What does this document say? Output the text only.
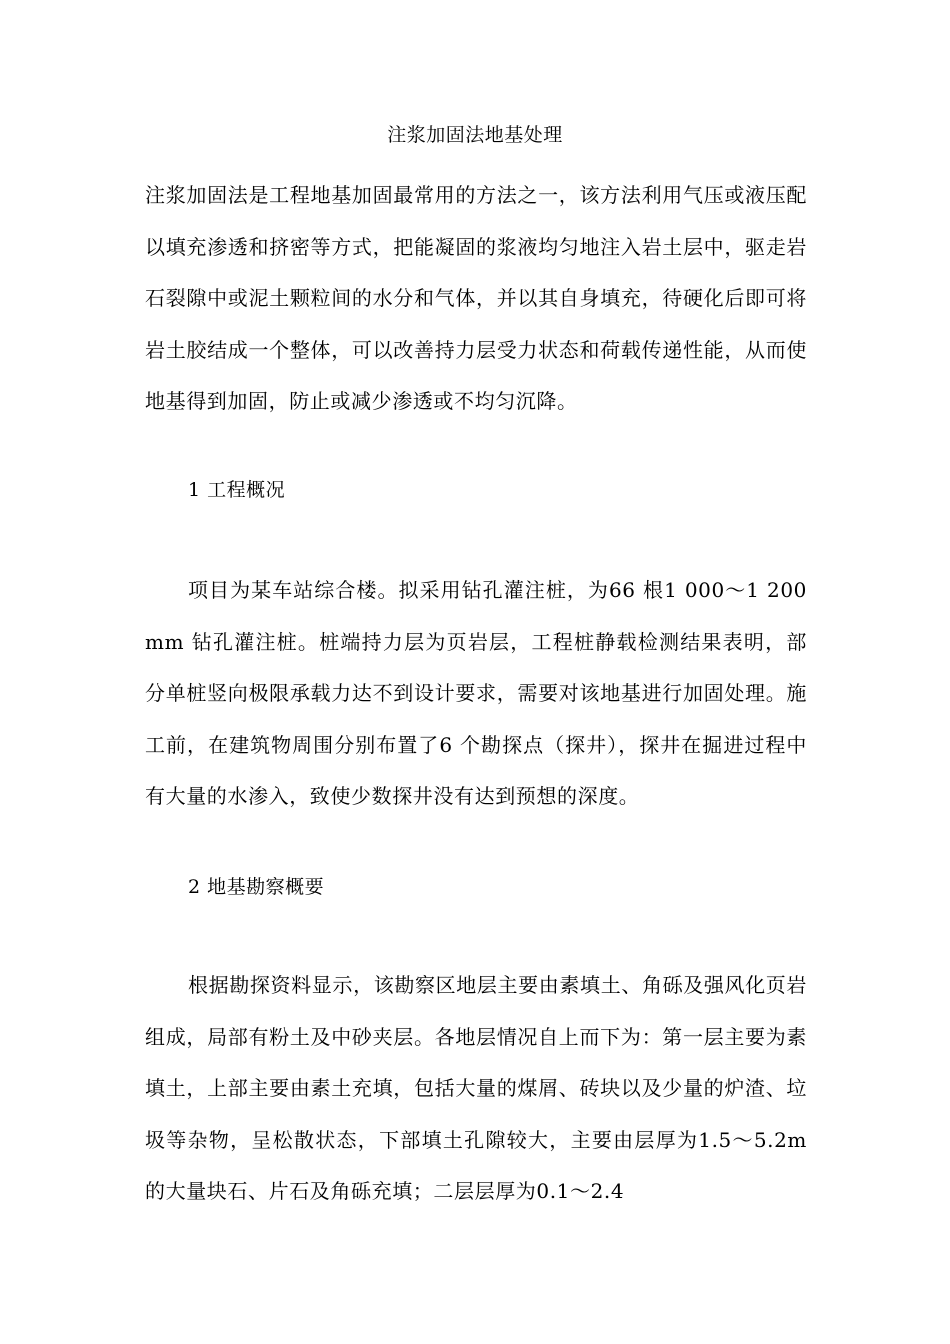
注浆加固法地基处理
注浆加固法是工程地基加固最常用的方法之一，该方法利用气压或液压配以填充渗透和挤密等方式，把能凝固的浆液均匀地注入岩土层中，驱走岩石裂隙中或泥土颗粒间的水分和气体，并以其自身填充，待硬化后即可将岩土胶结成一个整体，可以改善持力层受力状态和荷载传递性能，从而使地基得到加固，防止或减少渗透或不均匀沉降。
1 工程概况
项目为某车站综合楼。拟采用钻孔灌注桩，为66 根1 000～1 200 mm 钻孔灌注桩。桩端持力层为页岩层，工程桩静载检测结果表明，部分单桩竖向极限承载力达不到设计要求，需要对该地基进行加固处理。施工前，在建筑物周围分别布置了6 个勘探点（探井），探井在掘进过程中有大量的水渗入，致使少数探井没有达到预想的深度。
2 地基勘察概要
根据勘探资料显示，该勘察区地层主要由素填土、角砾及强风化页岩组成，局部有粉土及中砂夹层。各地层情况自上而下为：第一层主要为素填土，上部主要由素土充填，包括大量的煤屑、砖块以及少量的炉渣、垃圾等杂物，呈松散状态，下部填土孔隙较大，主要由层厚为1.5～5.2m 的大量块石、片石及角砾充填；二层层厚为0.1～2.4
